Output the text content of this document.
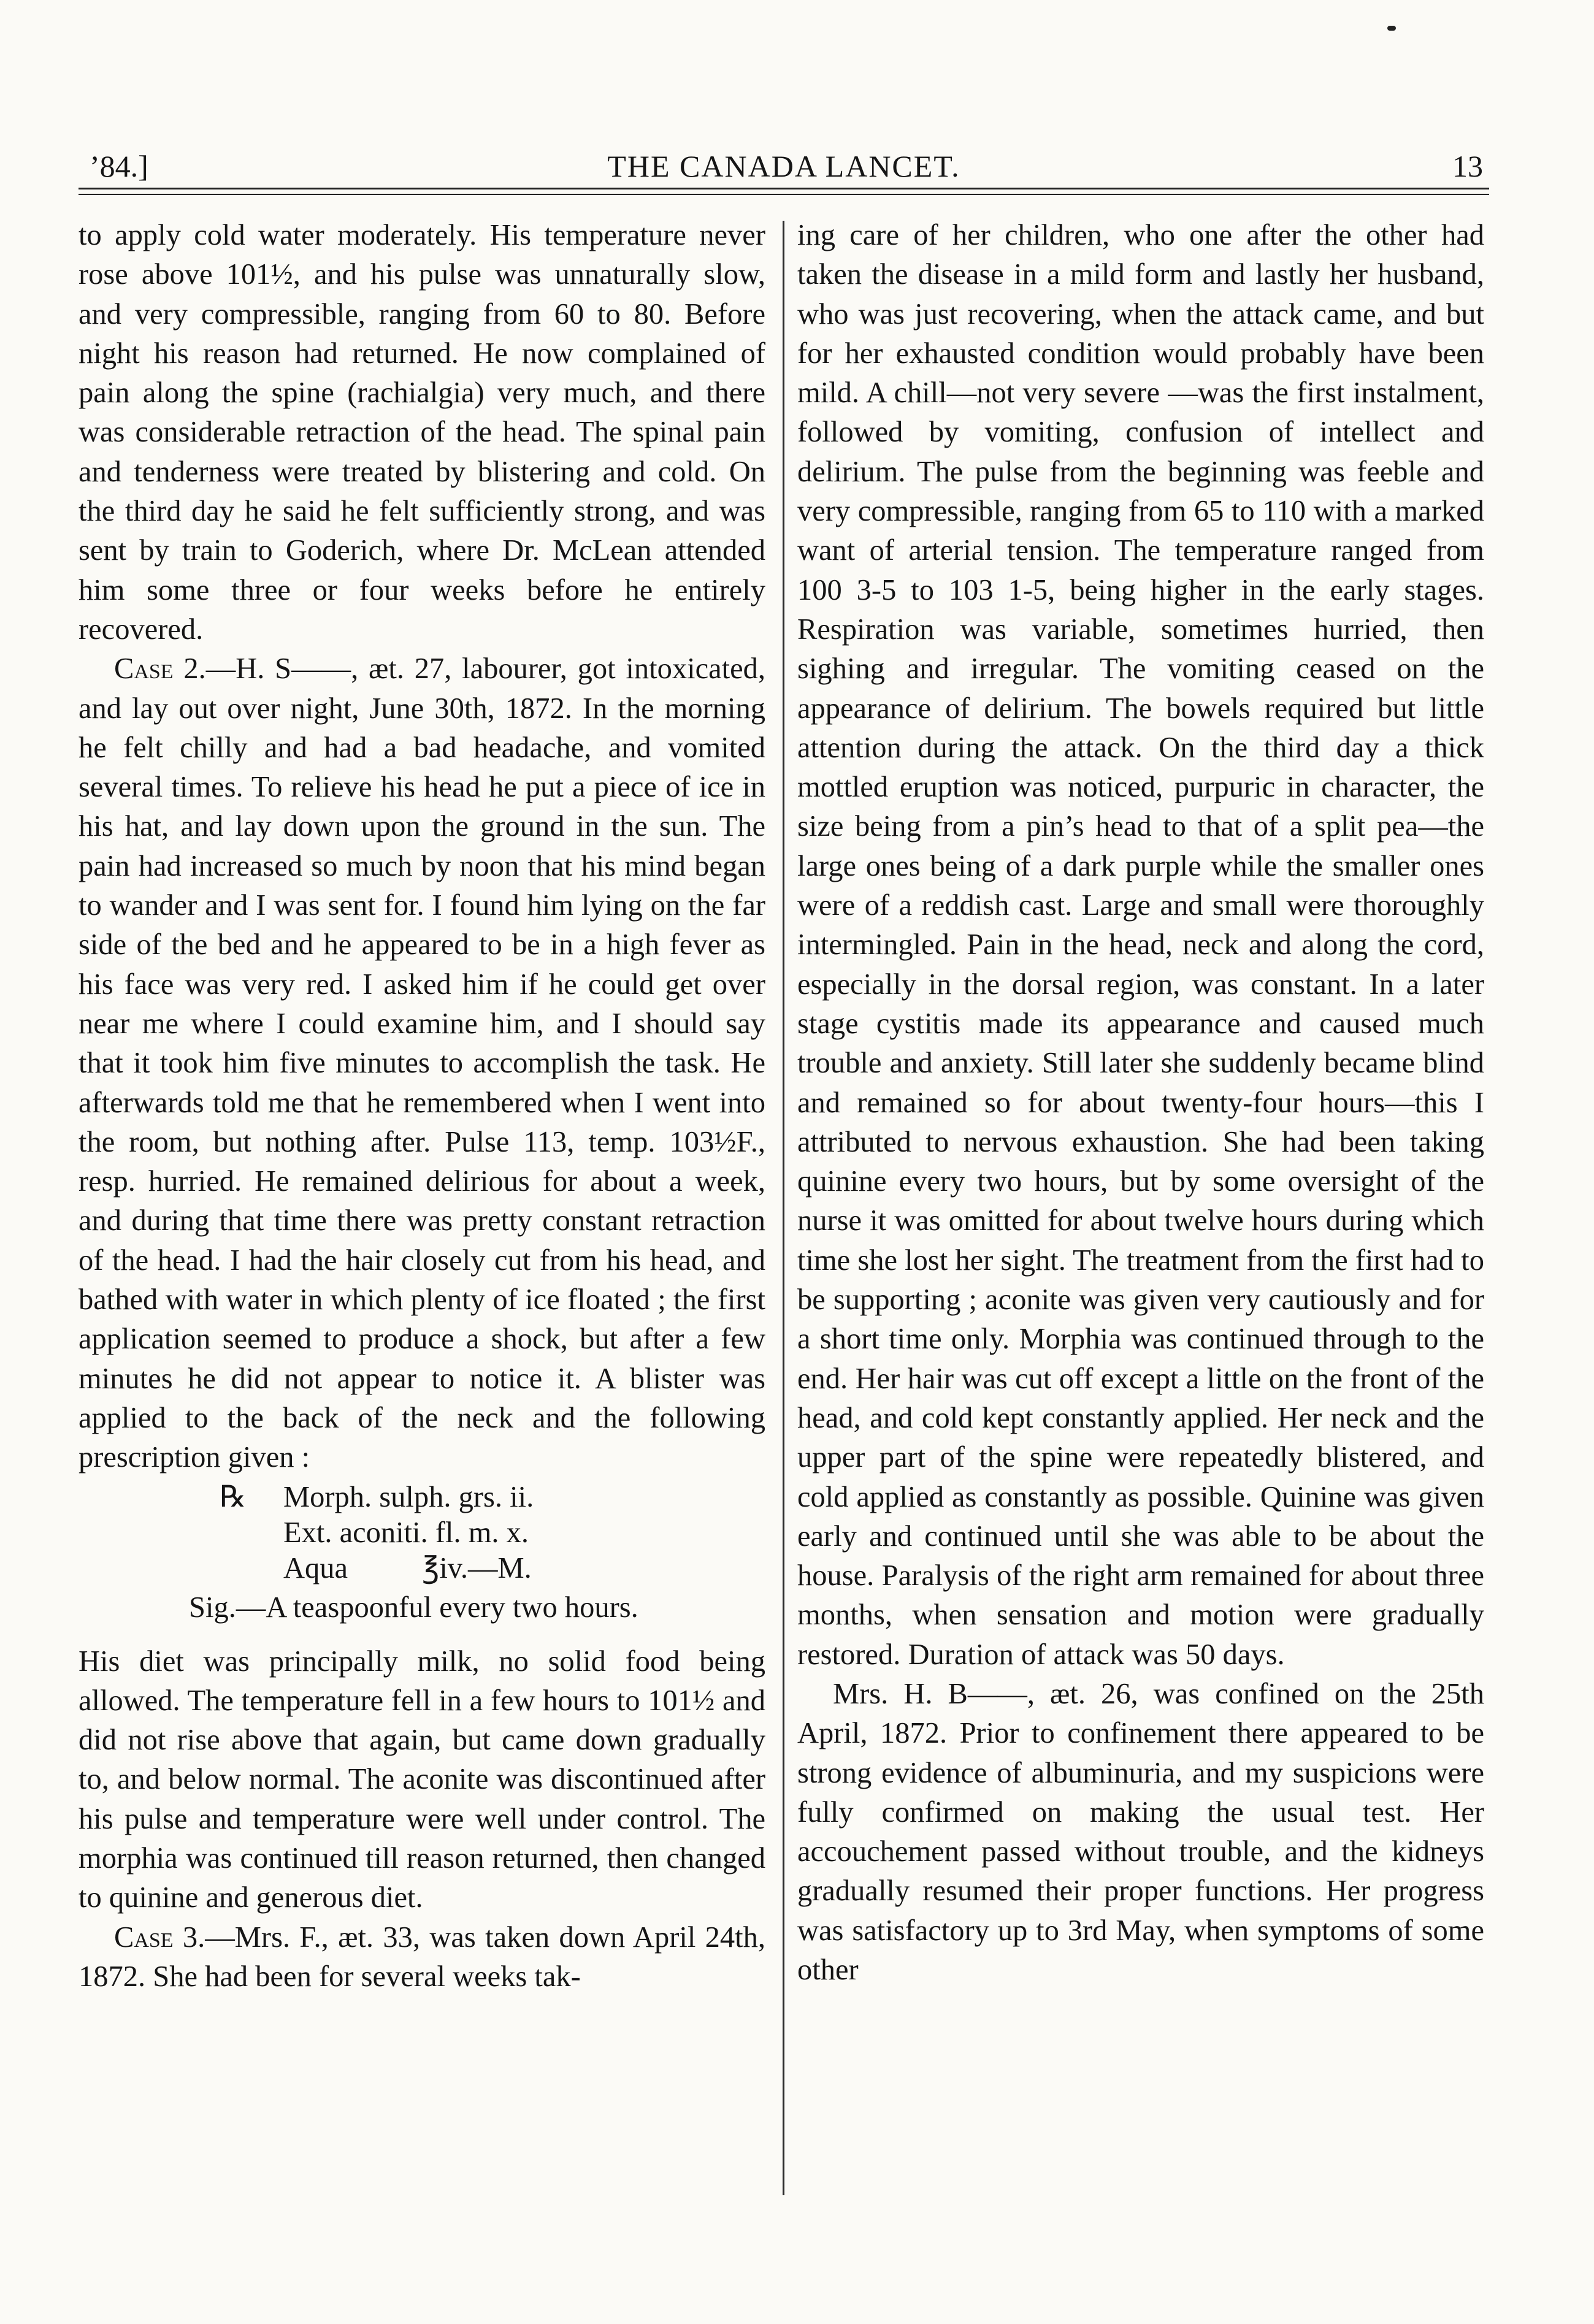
’84.]	THE CANADA LANCET.	13

to apply cold water moderately. His temperature never rose above 101½, and his pulse was unnaturally slow, and very compressible, ranging from 60 to 80. Before night his reason had returned. He now complained of pain along the spine (rachialgia) very much, and there was considerable retraction of the head. The spinal pain and tenderness were treated by blistering and cold. On the third day he said he felt sufficiently strong, and was sent by train to Goderich, where Dr. McLean attended him some three or four weeks before he entirely recovered.

Case 2.—H. S——, æt. 27, labourer, got intoxicated, and lay out over night, June 30th, 1872. In the morning he felt chilly and had a bad headache, and vomited several times. To relieve his head he put a piece of ice in his hat, and lay down upon the ground in the sun. The pain had increased so much by noon that his mind began to wander and I was sent for. I found him lying on the far side of the bed and he appeared to be in a high fever as his face was very red. I asked him if he could get over near me where I could examine him, and I should say that it took him five minutes to accomplish the task. He afterwards told me that he remembered when I went into the room, but nothing after. Pulse 113, temp. 103½F., resp. hurried. He remained delirious for about a week, and during that time there was pretty constant retraction of the head. I had the hair closely cut from his head, and bathed with water in which plenty of ice floated ; the first application seemed to produce a shock, but after a few minutes he did not appear to notice it. A blister was applied to the back of the neck and the following prescription given :

℞ Morph. sulph. grs. ii.
Ext. aconiti. fl. m. x.
Aqua          ℥iv.—M.
Sig.—A teaspoonful every two hours.

His diet was principally milk, no solid food being allowed. The temperature fell in a few hours to 101½ and did not rise above that again, but came down gradually to, and below normal. The aconite was discontinued after his pulse and temperature were well under control. The morphia was continued till reason returned, then changed to quinine and generous diet.

Case 3.—Mrs. F., æt. 33, was taken down April 24th, 1872. She had been for several weeks tak-

ing care of her children, who one after the other had taken the disease in a mild form and lastly her husband, who was just recovering, when the attack came, and but for her exhausted condition would probably have been mild. A chill—not very severe —was the first instalment, followed by vomiting, confusion of intellect and delirium. The pulse from the beginning was feeble and very compressible, ranging from 65 to 110 with a marked want of arterial tension. The temperature ranged from 100 3-5 to 103 1-5, being higher in the early stages. Respiration was variable, sometimes hurried, then sighing and irregular. The vomiting ceased on the appearance of delirium. The bowels required but little attention during the attack. On the third day a thick mottled eruption was noticed, purpuric in character, the size being from a pin’s head to that of a split pea—the large ones being of a dark purple while the smaller ones were of a reddish cast. Large and small were thoroughly intermingled. Pain in the head, neck and along the cord, especially in the dorsal region, was constant. In a later stage cystitis made its appearance and caused much trouble and anxiety. Still later she suddenly became blind and remained so for about twenty-four hours—this I attributed to nervous exhaustion. She had been taking quinine every two hours, but by some oversight of the nurse it was omitted for about twelve hours during which time she lost her sight. The treatment from the first had to be supporting ; aconite was given very cautiously and for a short time only. Morphia was continued through to the end. Her hair was cut off except a little on the front of the head, and cold kept constantly applied. Her neck and the upper part of the spine were repeatedly blistered, and cold applied as constantly as possible. Quinine was given early and continued until she was able to be about the house. Paralysis of the right arm remained for about three months, when sensation and motion were gradually restored. Duration of attack was 50 days.

Mrs. H. B——, æt. 26, was confined on the 25th April, 1872. Prior to confinement there appeared to be strong evidence of albuminuria, and my suspicions were fully confirmed on making the usual test. Her accouchement passed without trouble, and the kidneys gradually resumed their proper functions. Her progress was satisfactory up to 3rd May, when symptoms of some other
